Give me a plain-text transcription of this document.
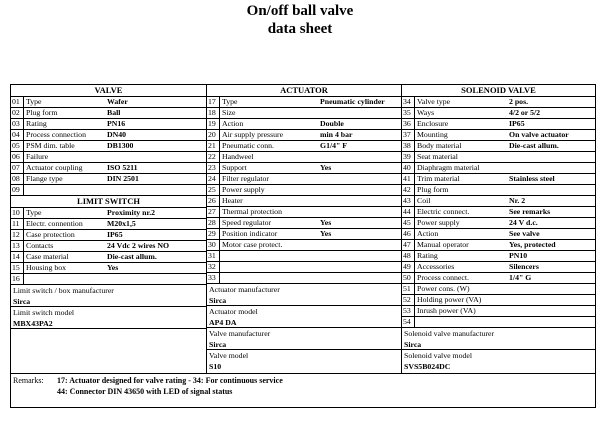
On/off ball valve
data sheet
VALVE	ACTUATOR	SOLENOID VALVE
01 Type	Wafer
02 Plug form	Ball
03 Rating	PN16
04 Process connection	DN40
05 PSM dim. table	DB1300
06 Failure
07 Actuator coupling	ISO 5211
08 Flange type	DIN 2501
09
LIMIT SWITCH
10 Type	Proximity nr.2
11 Electr. connention	M20x1,5
12 Case protection	IP65
13 Contacts	24 Vdc 2 wires NO
14 Case material	Die-cast allum.
15 Housing box	Yes
16
Limit switch / box manufacturer
Sirca
Limit switch model
MBX43PA2
17 Type	Pneumatic cylinder
18 Size
19 Action	Double
20 Air supply pressure	min 4 bar
21 Pneumatic conn.	G1/4" F
22 Handweel
23 Support	Yes
24 Filter regulator
25 Power supply
26 Heater
27 Thermal protection
28 Speed regulator	Yes
29 Position indicator	Yes
30 Motor case protect.
31
32
33
Actuator manufacturer
Sirca
Actuator model
AP4 DA
Valve manufacturer
Sirca
Valve model
S10
34 Valve type	2 pos.
35 Ways	4/2 or 5/2
36 Enclosure	IP65
37 Mounting	On valve actuator
38 Body material	Die-cast allum.
39 Seat material
40 Diaphragm material
41 Trim material	Stainless steel
42 Plug form
43 Coil	Nr. 2
44 Electric connect.	See remarks
45 Power supply	24 V d.c.
46 Action	See valve
47 Manual operator	Yes, protected
48 Rating	PN10
49 Accessories	Silencers
50 Process connect.	1/4" G
51 Power cons. (W)
52 Holding power (VA)
53 Inrush power (VA)
54
Solenoid valve manufacturer
Sirca
Solenoid valve model
SVS5B024DC
Remarks: 17: Actuator designed for valve rating - 34: For continuous service
44: Connector DIN 43650 with LED of signal status
